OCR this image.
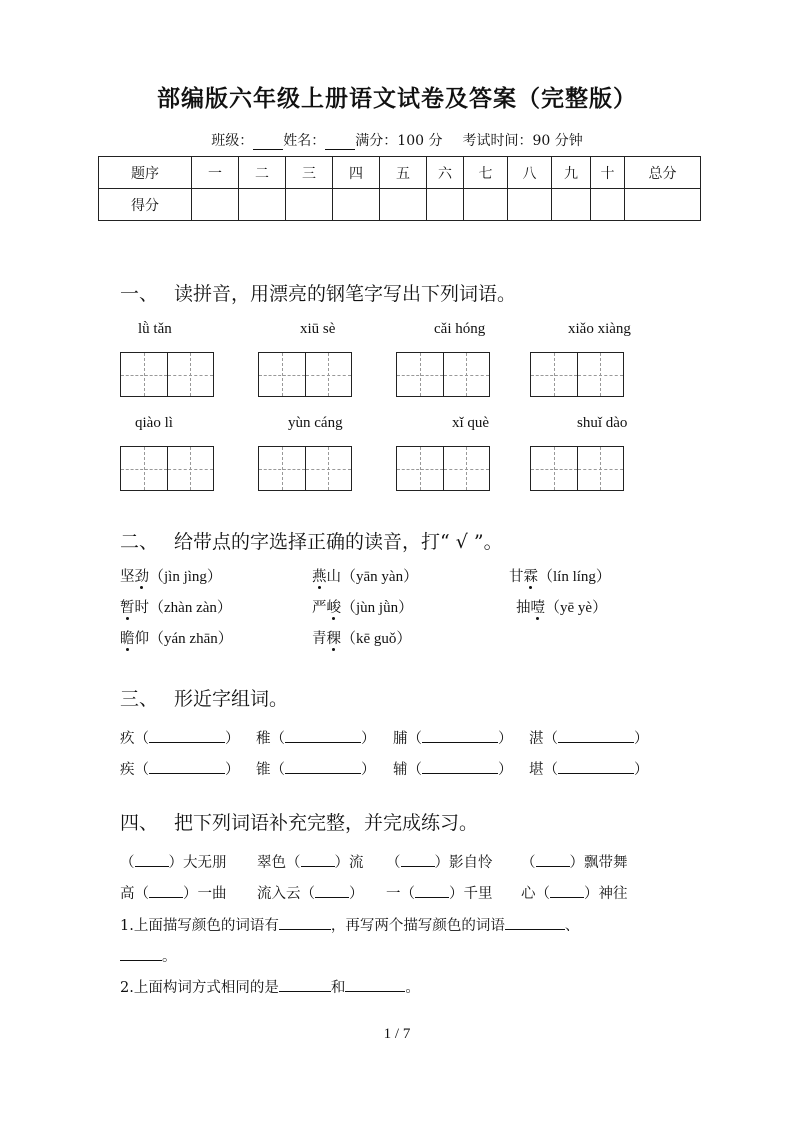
部编版六年级上册语文试卷及答案（完整版）
班级： 姓名： 满分：100 分 考试时间：90 分钟
题序	一	二	三	四	五	六	七	八	九	十	总分
得分											
一、 读拼音，用漂亮的钢笔字写出下列词语。
lǜ tǎn	xiū sè	cǎi hóng	xiǎo xiàng
qiào lì	yùn cáng	xǐ què	shuǐ dào
二、 给带点的字选择正确的读音，打“ √ ”。
坚劲（jìn jìng）	燕山（yān yàn）	甘霖（lín líng）
暂时（zhàn zàn）	严峻（jùn jǜn）	抽噎（yē yè）
瞻仰（yán zhān）	青稞（kē guǒ）
三、 形近字组词。
疚（	） 稚（	） 脯（	） 湛（	）
疾（	） 锥（	） 辅（	） 堪（	）
四、 把下列词语补充完整，并完成练习。
（ ）大无朋 翠色（ ）流 （ ）影自怜 （ ）飘带舞
高（ ）一曲 流入云（ ） 一（ ）千里 心（ ）神往
1.上面描写颜色的词语有	，再写两个描写颜色的词语	、
。
2.上面构词方式相同的是	和	。
1 / 7
